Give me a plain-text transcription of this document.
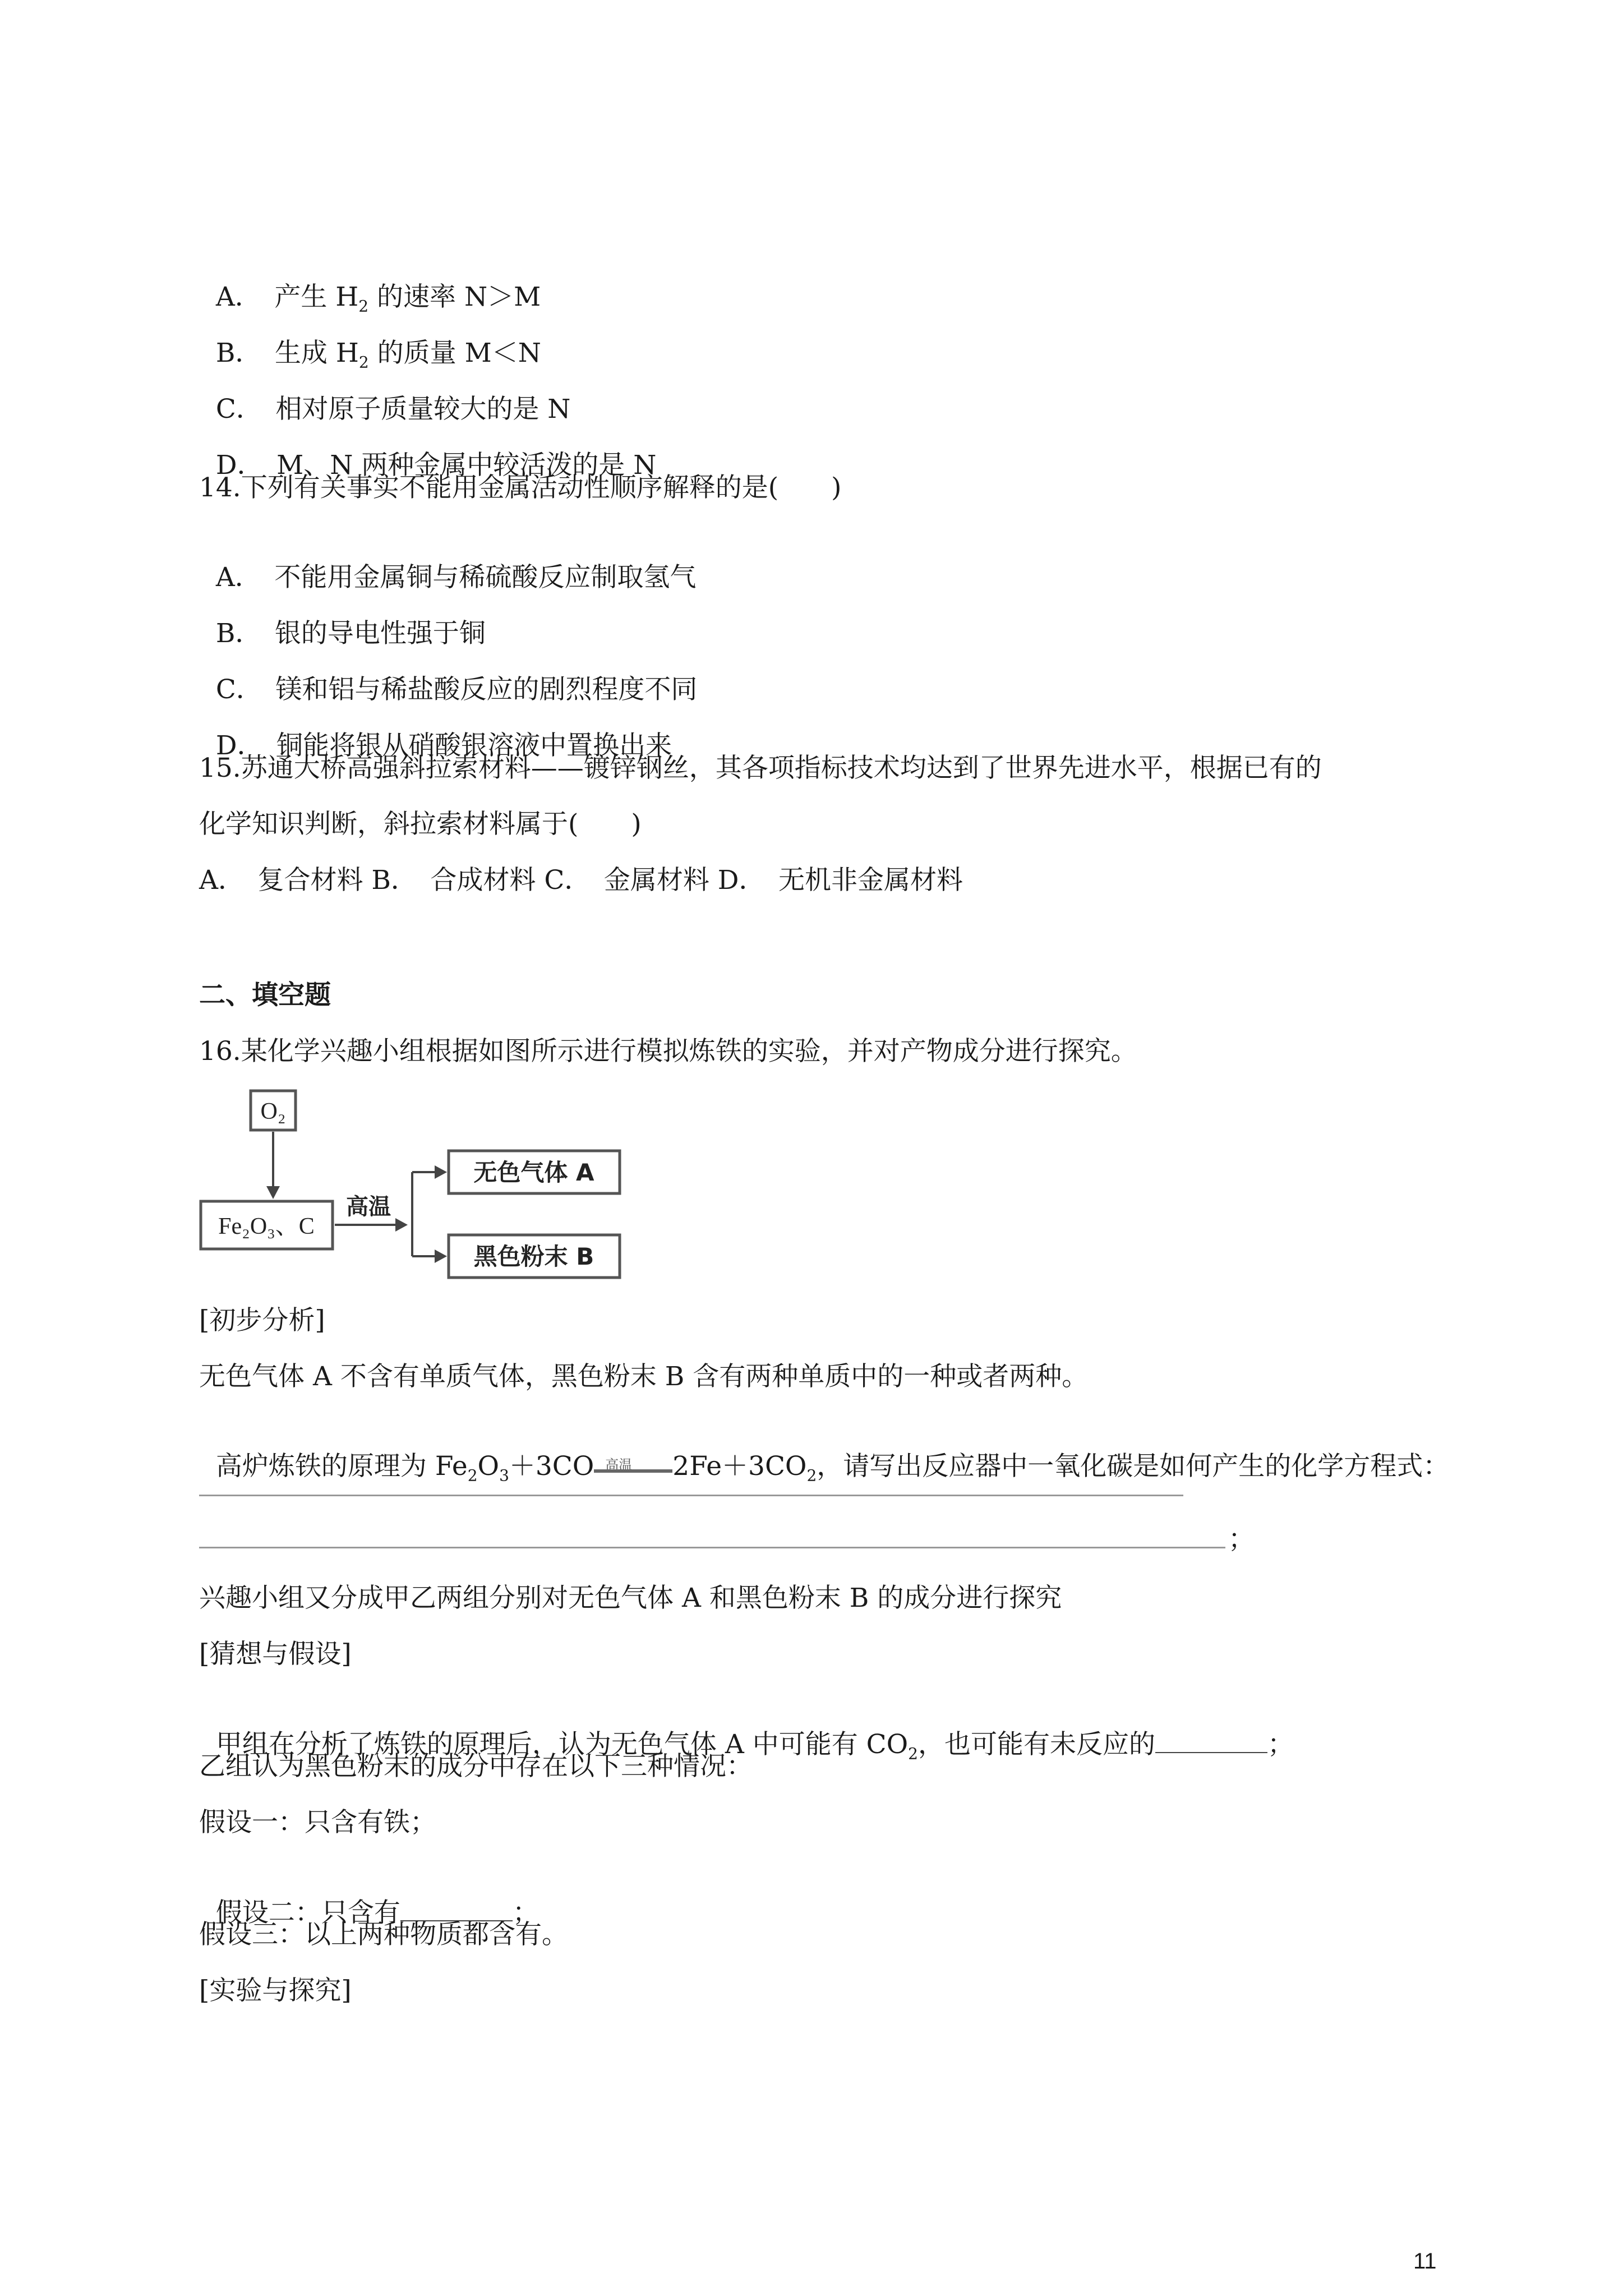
A．　 产生 $H_2$ 的速率 N＞M

B．　 生成 $H_2$ 的质量 M＜N

C．　 相对原子质量较大的是 N

D．　 M、N 两种金属中较活泼的是 N

14.下列有关事实不能用金属活动性顺序解释的是(　　)

A．　 不能用金属铜与稀硫酸反应制取氢气

B．　 银的导电性强于铜

C．　 镁和铝与稀盐酸反应的剧烈程度不同

D．　 铜能将银从硝酸银溶液中置换出来

15.苏通大桥高强斜拉索材料——镀锌钢丝，其各项指标技术均达到了世界先进水平，根据已有的
化学知识判断，斜拉索材料属于(　　)
A．　复合材料 B．　合成材料 C．　金属材料 D．　无机非金属材料
二、填空题
16.某化学兴趣小组根据如图所示进行模拟炼铁的实验，并对产物成分进行探究。
O₂
Fe₂O₃、C
高温
无色气体 A
黑色粉末 B
[初步分析]
无色气体 A 不含有单质气体，黑色粉末 B 含有两种单质中的一种或者两种。

高炉炼铁的原理为 $Fe_2O_3+3CO$ 高温 $2Fe+3CO_2$，请写出反应器中一氧化碳是如何产生的化学方程式：

；
兴趣小组又分成甲乙两组分别对无色气体 A 和黑色粉末 B 的成分进行探究
[猜想与假设]

甲组在分析了炼铁的原理后，认为无色气体 A 中可能有 $CO_2$，也可能有未反应的	；

乙组认为黑色粉末的成分中存在以下三种情况：
假设一：只含有铁；

假设二：只含有	；

假设三：以上两种物质都含有。
[实验与探究]
11
